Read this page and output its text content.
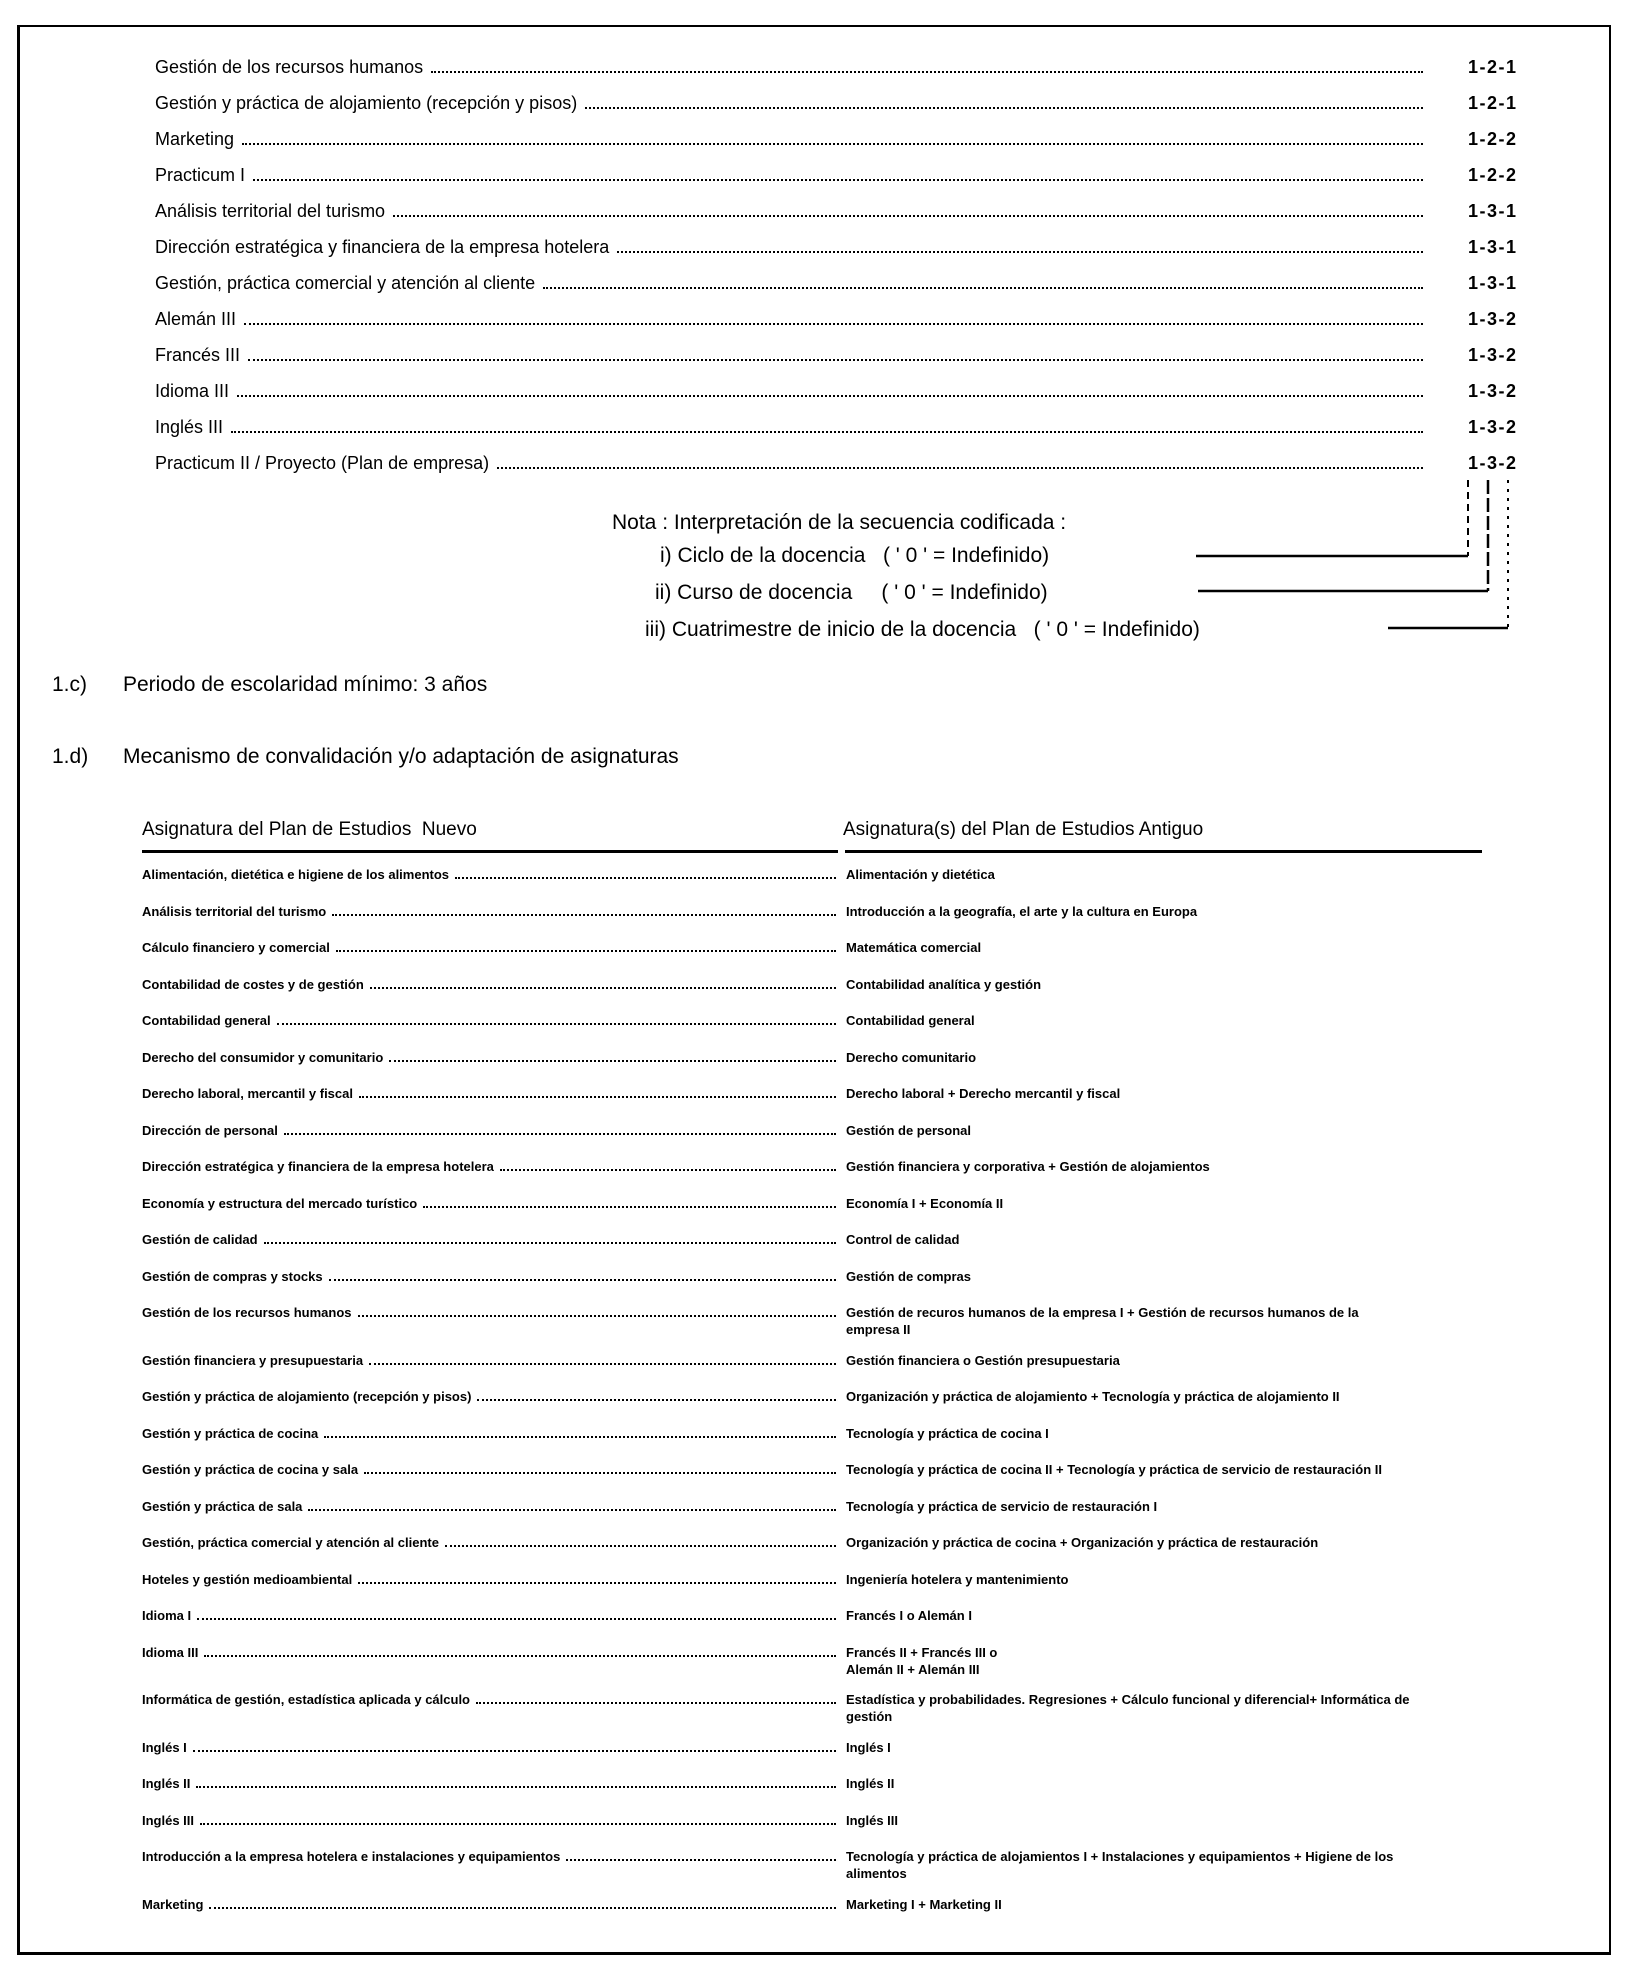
Gestión de los recursos humanos	1-2-1
Gestión y práctica de alojamiento (recepción y pisos)	1-2-1
Marketing	1-2-2
Practicum I	1-2-2
Análisis territorial del turismo	1-3-1
Dirección estratégica y financiera de la empresa hotelera	1-3-1
Gestión, práctica comercial y atención al cliente	1-3-1
Alemán III	1-3-2
Francés III	1-3-2
Idioma III	1-3-2
Inglés III	1-3-2
Practicum II / Proyecto (Plan de empresa)	1-3-2
Nota : Interpretación de la secuencia codificada :
i) Ciclo de la docencia   ( ' 0 ' = Indefinido)
ii) Curso de docencia     ( ' 0 ' = Indefinido)
iii) Cuatrimestre de inicio de la docencia   ( ' 0 ' = Indefinido)
1.c) Periodo de escolaridad mínimo: 3 años
1.d) Mecanismo de convalidación y/o adaptación de asignaturas
Asignatura del Plan de Estudios  Nuevo	Asignatura(s) del Plan de Estudios Antiguo
Alimentación, dietética e higiene de los alimentos	Alimentación y dietética
Análisis territorial del turismo	Introducción a la geografía, el arte y la cultura en Europa
Cálculo financiero y comercial	Matemática comercial
Contabilidad de costes y de gestión	Contabilidad analítica y gestión
Contabilidad general	Contabilidad general
Derecho del consumidor y comunitario	Derecho comunitario
Derecho laboral, mercantil y fiscal	Derecho laboral + Derecho mercantil y fiscal
Dirección de personal	Gestión de personal
Dirección estratégica y financiera de la empresa hotelera	Gestión financiera y corporativa + Gestión de alojamientos
Economía y estructura del mercado turístico	Economía I + Economía II
Gestión de calidad	Control de calidad
Gestión de compras y stocks	Gestión de compras
Gestión de los recursos humanos	Gestión de recuros humanos de la empresa I + Gestión de recursos humanos de la
empresa II
Gestión financiera y presupuestaria	Gestión financiera o Gestión presupuestaria
Gestión y práctica de alojamiento (recepción y pisos)	Organización y práctica de alojamiento + Tecnología y práctica de alojamiento II
Gestión y práctica de cocina	Tecnología y práctica de cocina I
Gestión y práctica de cocina y sala	Tecnología y práctica de cocina II + Tecnología y práctica de servicio de restauración II
Gestión y práctica de sala	Tecnología y práctica de servicio de restauración I
Gestión, práctica comercial y atención al cliente	Organización y práctica de cocina + Organización y práctica de restauración
Hoteles y gestión medioambiental	Ingeniería hotelera y mantenimiento
Idioma I	Francés I o Alemán I
Idioma III	Francés II + Francés III o
Alemán II + Alemán III
Informática de gestión, estadística aplicada y cálculo	Estadística y probabilidades. Regresiones + Cálculo funcional y diferencial+ Informática de
gestión
Inglés I	Inglés I
Inglés II	Inglés II
Inglés III	Inglés III
Introducción a la empresa hotelera e instalaciones y equipamientos	Tecnología y práctica de alojamientos I + Instalaciones y equipamientos + Higiene de los
alimentos
Marketing	Marketing I + Marketing II
